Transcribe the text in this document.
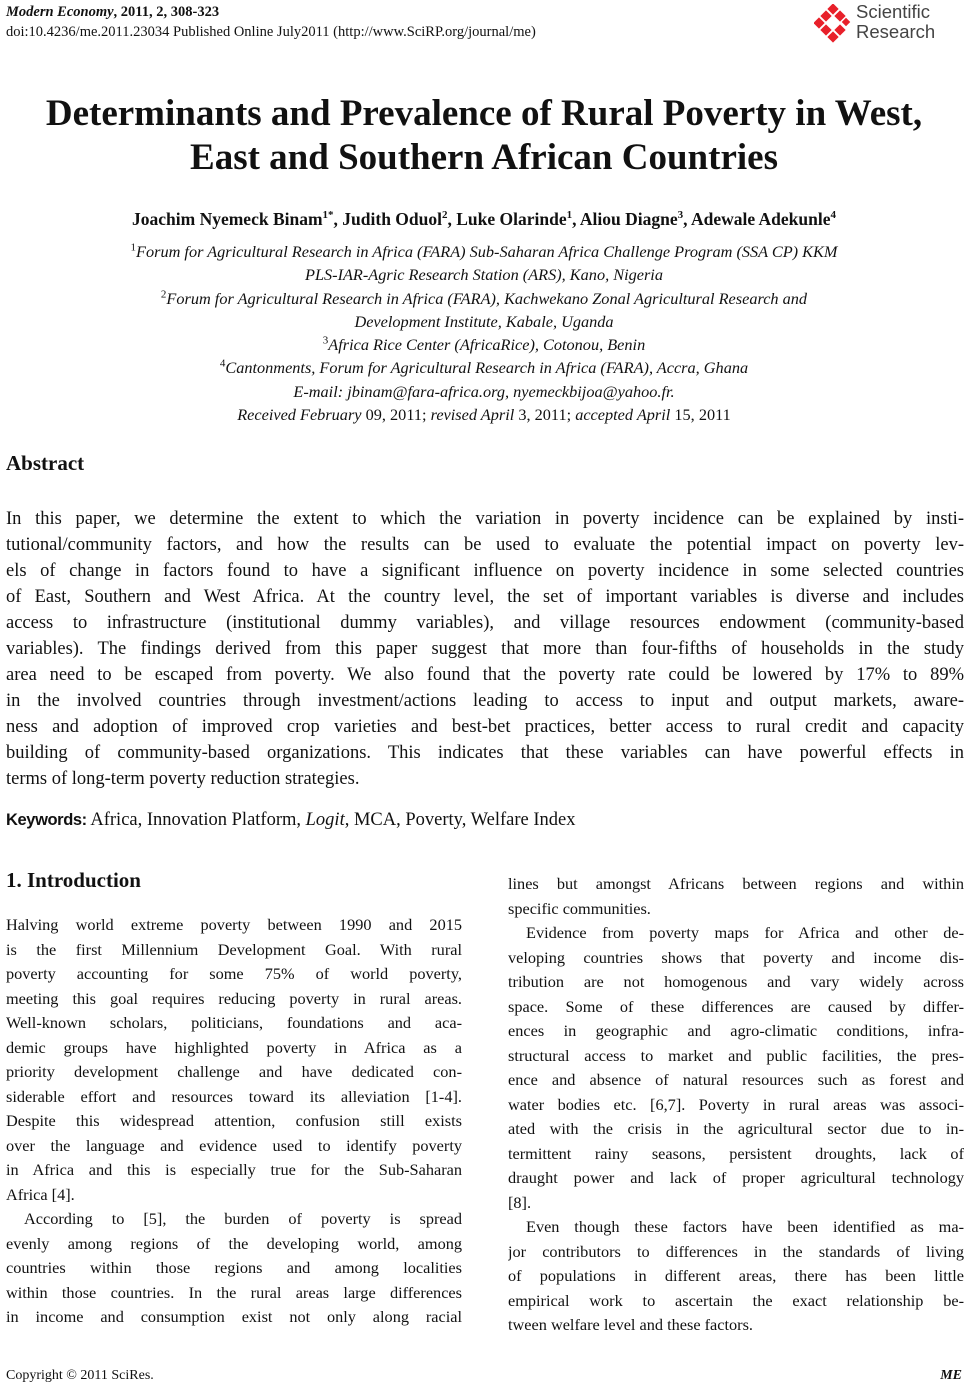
Modern Economy, 2011, 2, 308-323
doi:10.4236/me.2011.23034 Published Online July2011 (http://www.SciRP.org/journal/me)
Scientific
Research
Determinants and Prevalence of Rural Poverty in West,
East and Southern African Countries
Joachim Nyemeck Binam$^{1*}$, Judith Oduol$^2$, Luke Olarinde$^1$, Aliou Diagne$^3$, Adewale Adekunle$^4$
$^1$Forum for Agricultural Research in Africa (FARA) Sub-Saharan Africa Challenge Program (SSA CP) KKM
PLS-IAR-Agric Research Station (ARS), Kano, Nigeria
$^2$Forum for Agricultural Research in Africa (FARA), Kachwekano Zonal Agricultural Research and
Development Institute, Kabale, Uganda
$^3$Africa Rice Center (AfricaRice), Cotonou, Benin
$^4$Cantonments, Forum for Agricultural Research in Africa (FARA), Accra, Ghana
E-mail: jbinam@fara-africa.org, nyemeckbijoa@yahoo.fr.
Received February 09, 2011; revised April 3, 2011; accepted April 15, 2011
Abstract
In this paper, we determine the extent to which the variation in poverty incidence can be explained by insti-
tutional/community factors, and how the results can be used to evaluate the potential impact on poverty lev-
els of change in factors found to have a significant influence on poverty incidence in some selected countries
of East, Southern and West Africa. At the country level, the set of important variables is diverse and includes
access to infrastructure (institutional dummy variables), and village resources endowment (community-based
variables). The findings derived from this paper suggest that more than four-fifths of households in the study
area need to be escaped from poverty. We also found that the poverty rate could be lowered by 17% to 89%
in the involved countries through investment/actions leading to access to input and output markets, aware-
ness and adoption of improved crop varieties and best-bet practices, better access to rural credit and capacity
building of community-based organizations. This indicates that these variables can have powerful effects in
terms of long-term poverty reduction strategies.
Keywords: Africa, Innovation Platform, Logit, MCA, Poverty, Welfare Index
1. Introduction
Halving world extreme poverty between 1990 and 2015
is the first Millennium Development Goal. With rural
poverty accounting for some 75% of world poverty,
meeting this goal requires reducing poverty in rural areas.
Well-known scholars, politicians, foundations and aca-
demic groups have highlighted poverty in Africa as a
priority development challenge and have dedicated con-
siderable effort and resources toward its alleviation [1-4].
Despite this widespread attention, confusion still exists
over the language and evidence used to identify poverty
in Africa and this is especially true for the Sub-Saharan
Africa [4].
According to [5], the burden of poverty is spread
evenly among regions of the developing world, among
countries within those regions and among localities
within those countries. In the rural areas large differences
in income and consumption exist not only along racial
lines but amongst Africans between regions and within
specific communities.
Evidence from poverty maps for Africa and other de-
veloping countries shows that poverty and income dis-
tribution are not homogenous and vary widely across
space. Some of these differences are caused by differ-
ences in geographic and agro-climatic conditions, infra-
structural access to market and public facilities, the pres-
ence and absence of natural resources such as forest and
water bodies etc. [6,7]. Poverty in rural areas was associ-
ated with the crisis in the agricultural sector due to in-
termittent rainy seasons, persistent droughts, lack of
draught power and lack of proper agricultural technology
[8].
Even though these factors have been identified as ma-
jor contributors to differences in the standards of living
of populations in different areas, there has been little
empirical work to ascertain the exact relationship be-
tween welfare level and these factors.
Copyright © 2011 SciRes.	ME
